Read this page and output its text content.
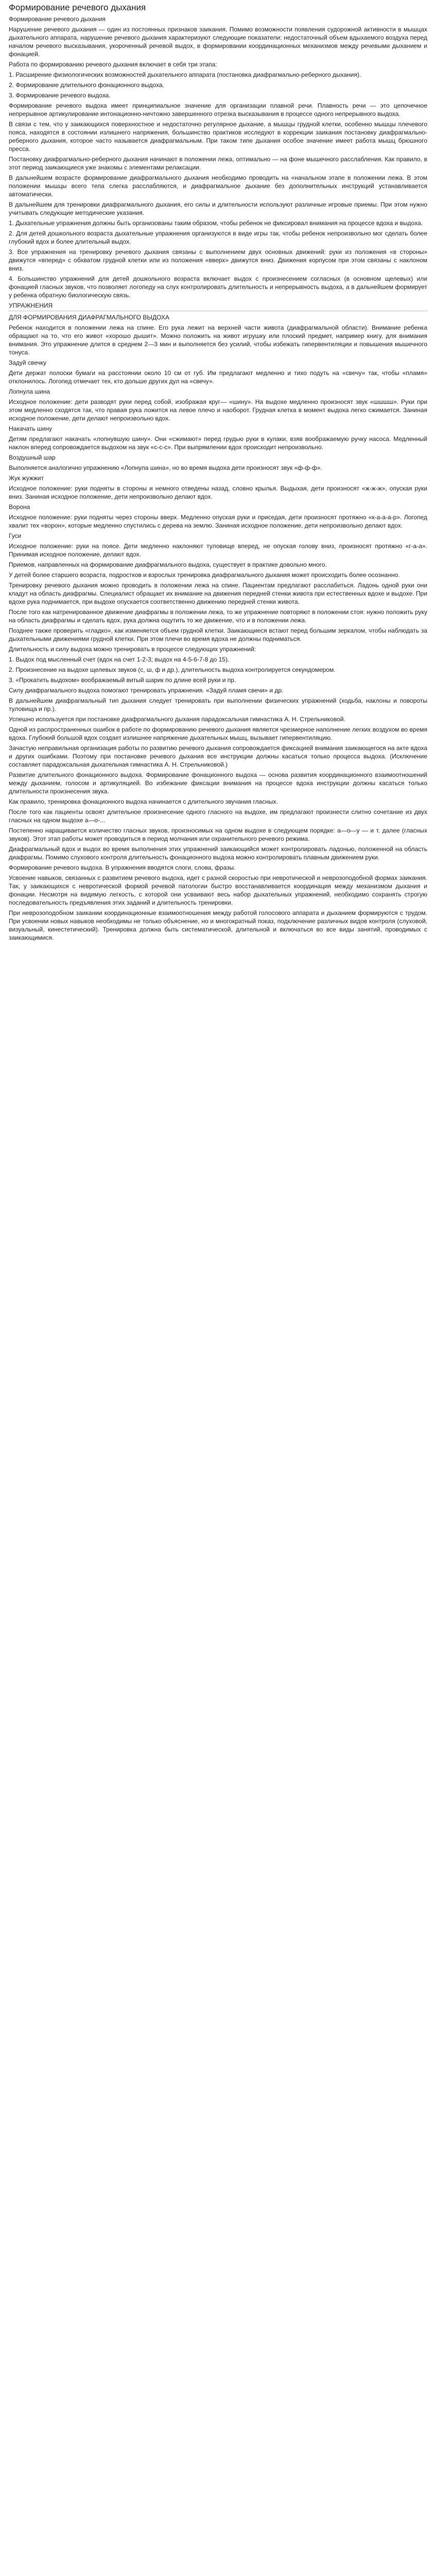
Формирование речевого дыхания
Формирование речевого дыхания
Нарушение речевого дыхания — один из постоянных признаков заикания. Помимо возможности появления судорожной активности в мышцах дыхательного аппарата, нарушение речевого дыхания характеризуют следующие показатели: недостаточный объем вдыхаемого воздуха перед началом речевого высказывания, укороченный речевой выдох, в формировании координационных механизмов между речевыми дыханием и фонацией.
Работа по формированию речевого дыхания включает в себя три этапа:
1. Расширение физиологических возможностей дыхательного аппарата (постановка диафрагмально-реберного дыхания).
2. Формирование длительного фонационного выдоха.
3. Формирование речевого выдоха.
Формирование речевого выдоха имеет принципиальное значение для организации плавной речи. Плавность речи — это цепочечное непрерывное артикулирование интонационно-ничтожно завершенного отрезка высказывания в процессе одного непрерывного выдоха.
В связи с тем, что у заикающихся поверхностное и недостаточно регулярное дыхание, а мышцы грудной клетки, особенно мышцы плечевого пояса, находятся в состоянии излишнего напряжения, большинство практиков исследуют в коррекции заикания постановку диафрагмально-реберного дыхания, которое часто называется диафрагмальным. При таком типе дыхания особое значение имеет работа мышц брюшного пресса.
Постановку диафрагмально-реберного дыхания начинают в положении лежа, оптимально — на фоне мышечного расслабления. Как правило, в этот период заикающиеся уже знакомы с элементами релаксации.
В дальнейшем возрасте формирование диафрагмального дыхания необходимо проводить на «начальном этапе в положении лежа. В этом положении мышцы всего тела слегка расслабляются, и диафрагмальное дыхание без дополнительных инструкций устанавливается автоматически.
В дальнейшем для тренировки диафрагмального дыхания, его силы и длительности используют различные игровые приемы. При этом нужно учитывать следующие методические указания.
1. Дыхательные упражнения должны быть организованы таким образом, чтобы ребенок не фиксировал внимания на процессе вдоха и выдоха.
2. Для детей дошкольного возраста дыхательные упражнения организуются в виде игры так, чтобы ребенок непроизвольно мог сделать более глубокий вдох и более длительный выдох.
3. Все упражнения на тренировку речевого дыхания связаны с выполнением двух основных движений: руки из положения «в стороны» движутся «вперед» с обхватом грудной клетки или из положения «вверх» движутся вниз. Движения корпусом при этом связаны с наклоном вниз.
4. Большинство упражнений для детей дошкольного возраста включает выдох с произнесением согласных (в основном щелевых) или фонацией гласных звуков, что позволяет логопеду на слух контролировать длительность и непрерывность выдоха, а в дальнейшем формирует у ребенка обратную биологическую связь.
УПРАЖНЕНИЯ
ДЛЯ ФОРМИРОВАНИЯ ДИАФРАГМАЛЬНОГО ВЫДОХА
Ребенок находится в положении лежа на спине. Его рука лежит на верхней части живота (диафрагмальной области). Внимание ребенка обращают на то, что его живот «хорошо дышит». Можно положить на живот игрушку или плоский предмет, например книгу, для внимания внимания. Это упражнение длится в среднем 2—3 мин и выполняется без усилий, чтобы избежать гипервентиляции и повышения мышечного тонуса.
Задуй свечку
Дети держат полоски бумаги на расстоянии около 10 см от губ. Им предлагают медленно и тихо подуть на «свечу» так, чтобы «пламя» отклонилось. Логопед отмечает тех, кто дольше других дул на «свечу».
Лопнула шина
Исходное положение: дети разводят руки перед собой, изображая круг— «шину». На выдохе медленно произносят звук «шшшш». Руки при этом медленно сходятся так, что правая рука ложится на левое плечо и наоборот. Грудная клетка в момент выдоха легко сжимается. Заниная исходное положение, дети делают непроизвольно вдох.
Накачать шину
Детям предлагают накачать «лопнувшую шину». Они «сжимают» перед грудью руки в кулаки, взяв воображаемую ручку насоса. Медленный наклон вперед сопровождается выдохом на звук «с-с-с». При выпрямлении вдох происходит непроизвольно.
Воздушный шар
Выполняется аналогично упражнению «Лопнула шина», но во время выдоха дети произносят звук «ф-ф-ф».
Жук жужжит
Исходное положение: руки подняты в стороны и немного отведены назад, словно крылья. Выдыхая, дети произносят «ж-ж-ж», опуская руки вниз. Заниная исходное положение, дети непроизвольно делают вдох.
Ворона
Исходное положение: руки подняты через стороны вверх. Медленно опуская руки и приседая, дети произносят протяжно «к-а-а-а-р». Логопед хвалит тех «ворон», которые медленно спустились с дерева на землю. Заниная исходное положение, дети непроизвольно делают вдох.
Гуси
Исходное положение: руки на поясе. Дети медленно наклоняют туловище вперед, не опуская голову вниз, произносят протяжно «г-а-а». Принимая исходное положение, делают вдох.
Приемов, направленных на формирование диафрагмального выдоха, существует в практике довольно много.
У детей более старшего возраста, подростков и взрослых тренировка диафрагмального дыхания может происходить более осознанно.
Тренировку речевого дыхания можно проводить в положении лежа на спине. Пациентам предлагают расслабиться. Ладонь одной руки они кладут на область диафрагмы. Специалист обращает их внимание на движения передней стенки живота при естественных вдохе и выдохе. При вдохе рука поднимается, при выдохе опускается соответственно движению передней стенки живота.
После того как натренированное движение диафрагмы в положении лежа, то же упражнение повторяют в положении стоя: нужно положить руку на область диафрагмы и сделать вдох, рука должна ощутить то же движение, что и в положении лежа.
Позднее также проверить «гладко», как изменяется объем грудной клетки. Заикающиеся встают перед большим зеркалом, чтобы наблюдать за дыхательными движениями грудной клетки. При этом плечи во время вдоха не должны подниматься.
Длительность и силу выдоха можно тренировать в процессе следующих упражнений:
1. Выдох под мысленный счет (вдох на счет 1-2-3; выдох на 4-5-6-7-8 до 15).
2. Произнесение на выдохе щелевых звуков (с, ш, ф и др.), длительность выдоха контролируется секундомером.
3. «Прокатить выдохом» воображаемый витый шарик по длине всей руки и пр.
Силу диафрагмального выдоха помогают тренировать упражнения. «Задуй пламя свечи» и др.
В дальнейшем диафрагмальный тип дыхания следует тренировать при выполнении физических упражнений (ходьба, наклоны и повороты туловища и пр.).
Успешно используется при постановке диафрагмального дыхания парадоксальная гимнастика А. Н. Стрельниковой.
Одной из распространенных ошибок в работе по формированию речевого дыхания является чрезмерное наполнение легких воздухом во время вдоха. Глубокий большой вдох создает излишнее напряжение дыхательных мышц, вызывает гипервентиляцию.
Зачастую неправильная организация работы по развитию речевого дыхания сопровождается фиксацией внимания заикающегося на акте вдоха и других ошибками. Поэтому при постановке речевого дыхания все инструкции должны касаться только процесса выдоха. (Исключение составляет парадоксальная дыхательная гимнастика А. Н. Стрельниковой.)
Развитие длительного фонационного выдоха. Формирование фонационного выдоха — основа развития координационного взаимоотношений между дыханием, голосом и артикуляцией. Во избежание фиксации внимания на процессе вдоха инструкции должны касаться только длительности произнесения звука.
Как правило, тренировка фонационного выдоха начинается с длительного звучания гласных.
После того как пациенты освоят длительное произнесение одного гласного на выдохе, им предлагают произнести слитно сочетание из двух гласных на одном выдохе а—о-...
Постепенно наращивается количество гласных звуков, произносимых на одном выдохе в следующем порядке: а—о—у — и т. далее (гласных звуков). Этот этап работы может проводиться в период молчания или охранительного речевого режима.
Диафрагмальный вдох и выдох во время выполнения этих упражнений заикающийся может контролировать ладонью, положенной на область диафрагмы. Помимо слухового контроля длительность фонационного выдоха можно контролировать плавным движением руки.
Формирование речевого выдоха. В упражнения вводятся слоги, слова, фразы.
Усвоение навыков, связанных с развитием речевого выдоха, идет с разной скоростью при невротической и неврозоподобной формах заикания. Так, у заикающихся с невротической формой речевой патологии быстро восстанавливается координация между механизмом дыхания и фонации. Несмотря на видимую легкость, с которой они усваивают весь набор дыхательных упражнений, необходимо сохранять строгую последовательность предъявления этих заданий и длительность тренировки.
При неврозоподобном заикании координационные взаимоотношения между работой голосового аппарата и дыханием формируются с трудом. При усвоении новых навыков необходимы не только объяснение, но и многократный показ, подключение различных видов контроля (слуховой, визуальный, кинестетический). Тренировка должна быть систематической, длительной и включаться во все виды занятий, проводимых с заикающимися.
